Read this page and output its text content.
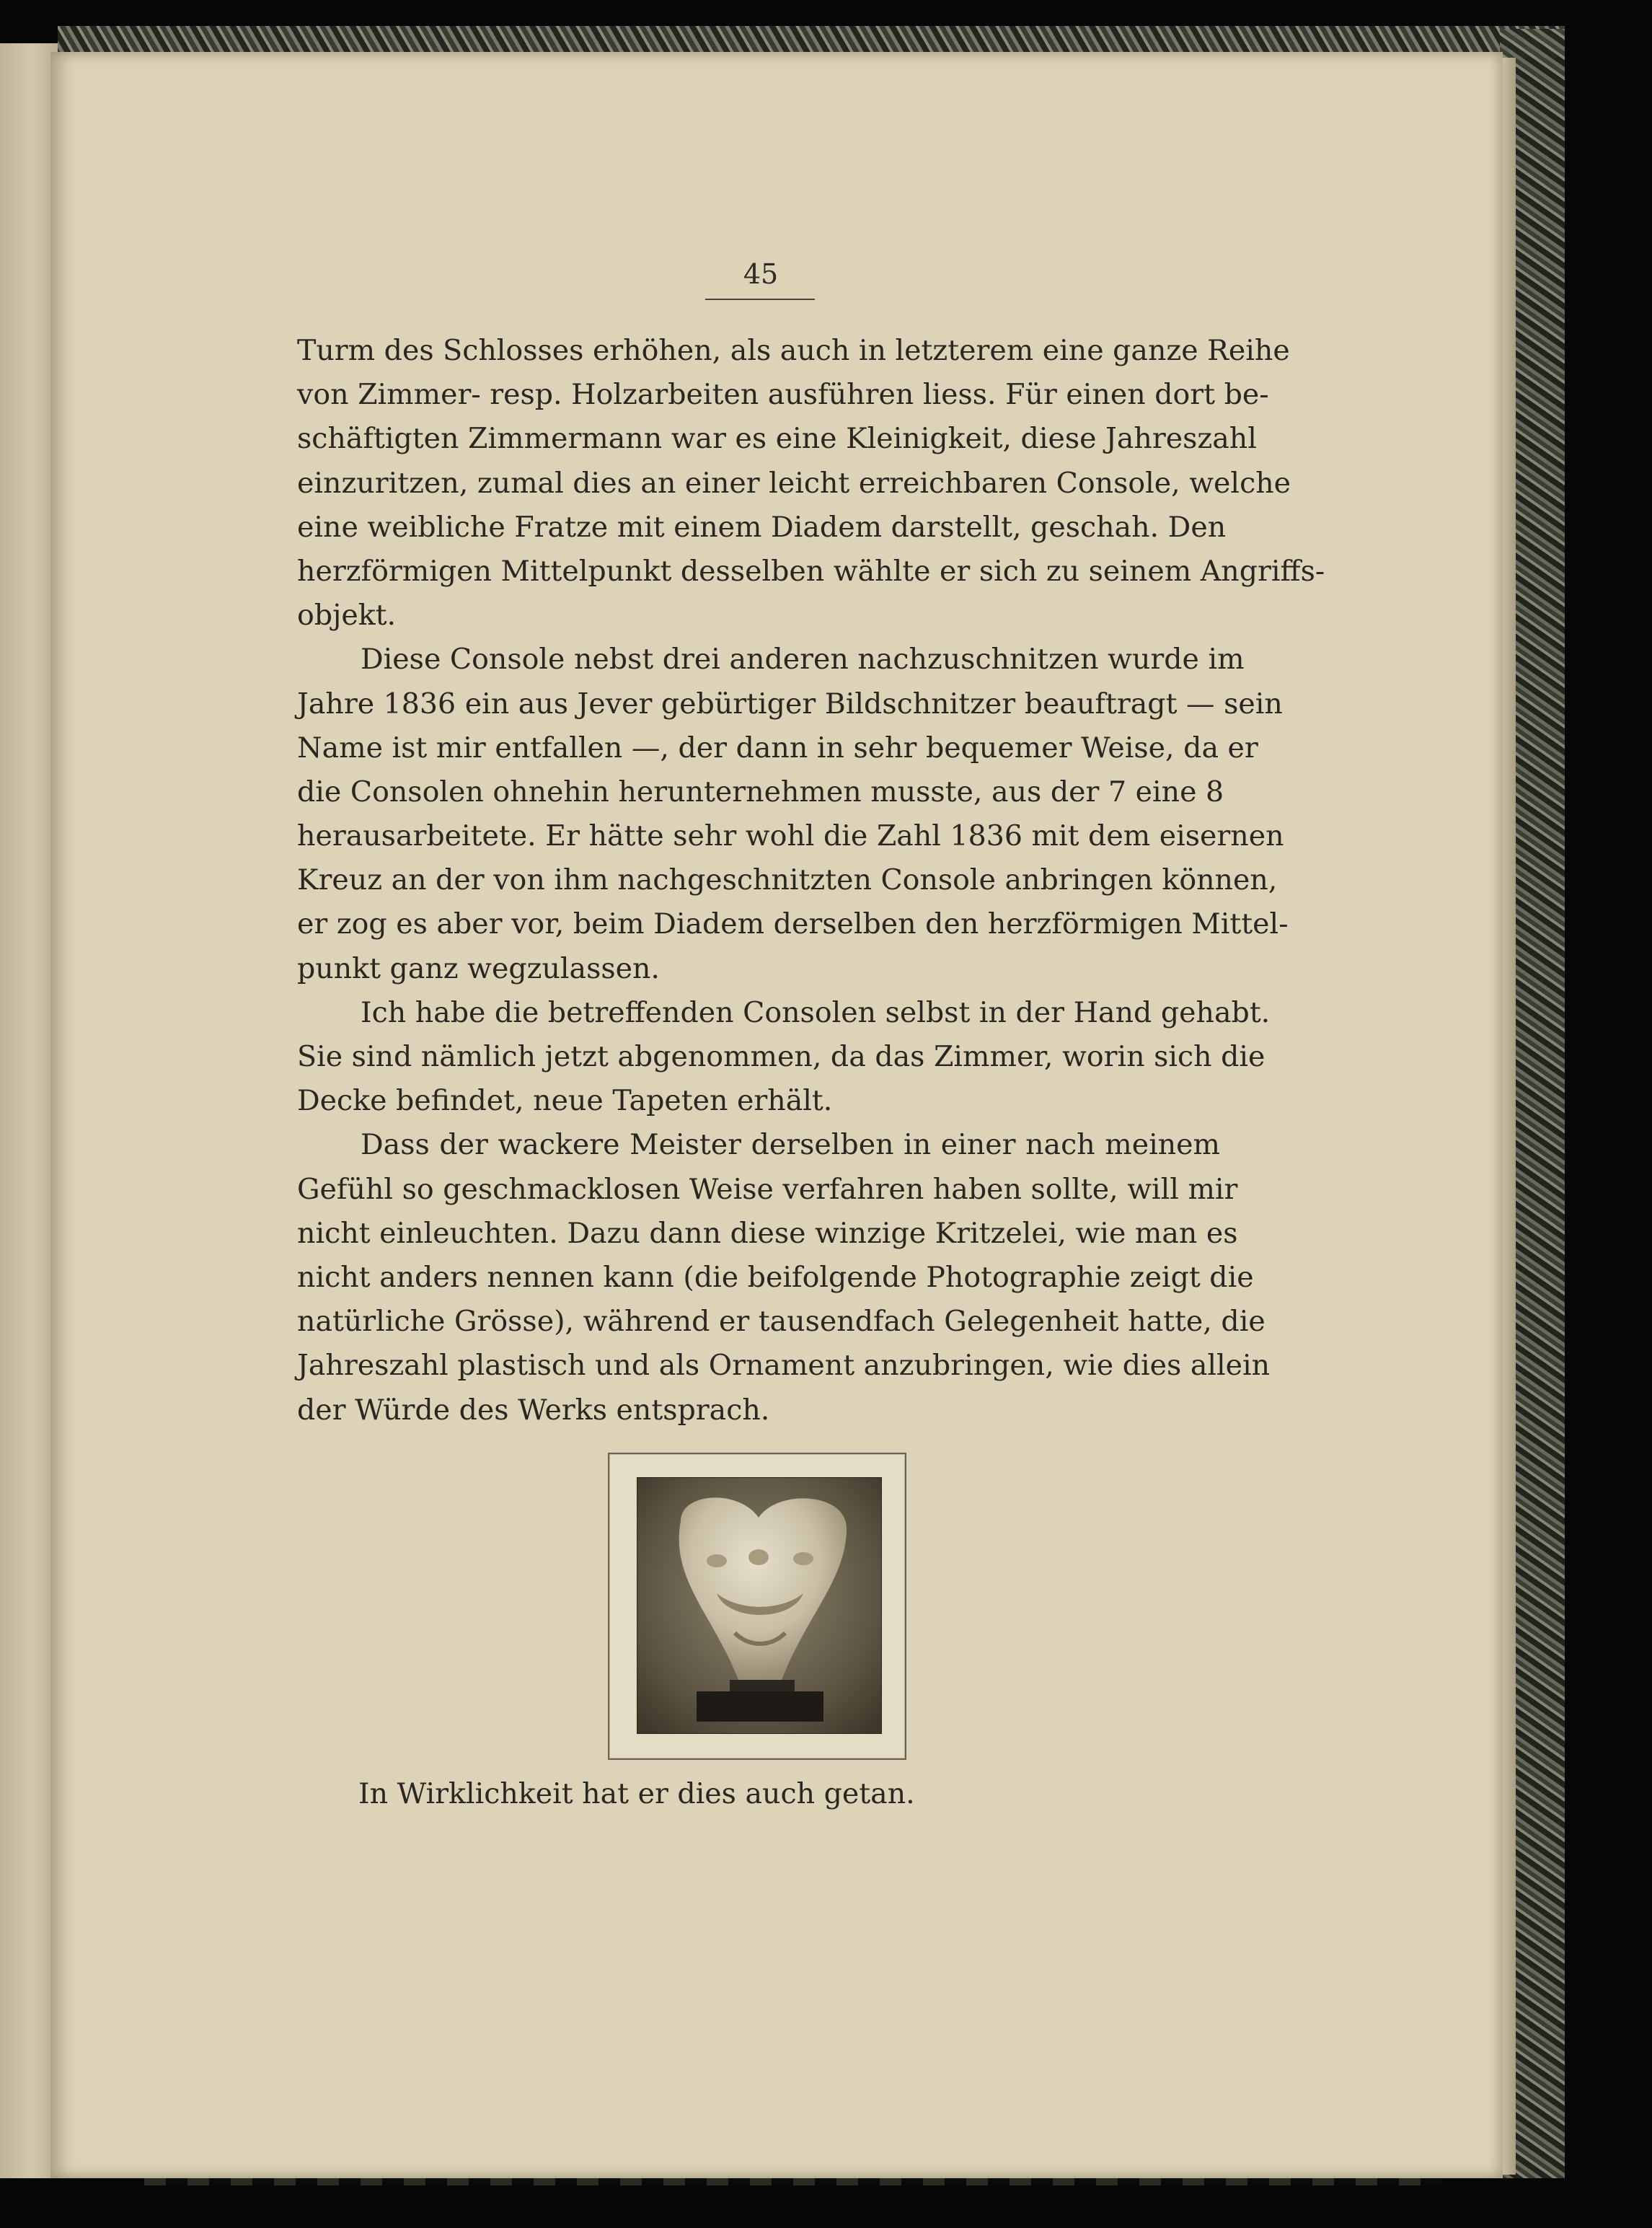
45
Turm des Schlosses erhöhen, als auch in letzterem eine ganze Reihe
von Zimmer- resp. Holzarbeiten ausführen liess. Für einen dort be-
schäftigten Zimmermann war es eine Kleinigkeit, diese Jahreszahl
einzuritzen, zumal dies an einer leicht erreichbaren Console, welche
eine weibliche Fratze mit einem Diadem darstellt, geschah. Den
herzförmigen Mittelpunkt desselben wählte er sich zu seinem Angriffs-
objekt.
Diese Console nebst drei anderen nachzuschnitzen wurde im
Jahre 1836 ein aus Jever gebürtiger Bildschnitzer beauftragt — sein
Name ist mir entfallen —, der dann in sehr bequemer Weise, da er
die Consolen ohnehin herunternehmen musste, aus der 7 eine 8
herausarbeitete. Er hätte sehr wohl die Zahl 1836 mit dem eisernen
Kreuz an der von ihm nachgeschnitzten Console anbringen können,
er zog es aber vor, beim Diadem derselben den herzförmigen Mittel-
punkt ganz wegzulassen.
Ich habe die betreffenden Consolen selbst in der Hand gehabt.
Sie sind nämlich jetzt abgenommen, da das Zimmer, worin sich die
Decke befindet, neue Tapeten erhält.
Dass der wackere Meister derselben in einer nach meinem
Gefühl so geschmacklosen Weise verfahren haben sollte, will mir
nicht einleuchten. Dazu dann diese winzige Kritzelei, wie man es
nicht anders nennen kann (die beifolgende Photographie zeigt die
natürliche Grösse), während er tausendfach Gelegenheit hatte, die
Jahreszahl plastisch und als Ornament anzubringen, wie dies allein
der Würde des Werks entsprach.
In Wirklichkeit hat er dies auch getan.
